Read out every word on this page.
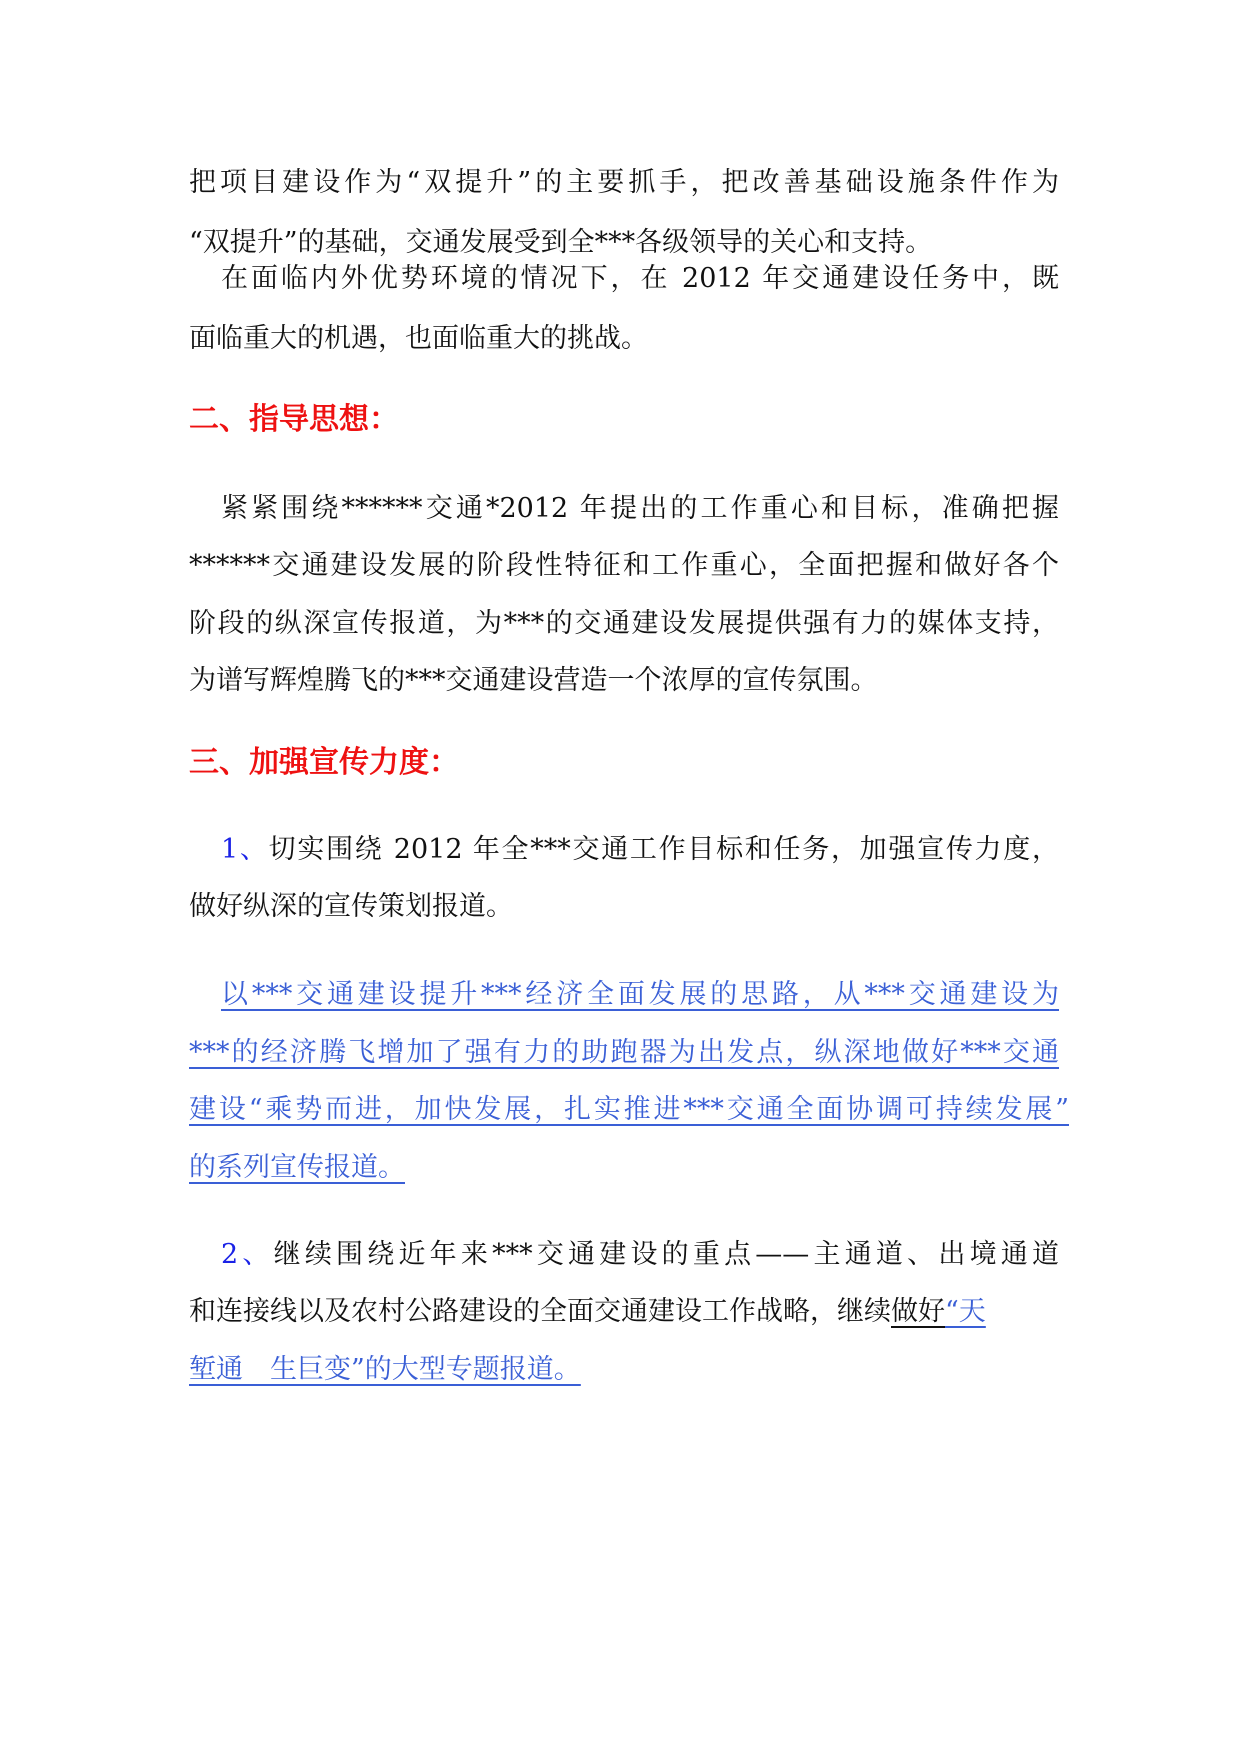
把项目建设作为“双提升”的主要抓手，把改善基础设施条件作为
“双提升”的基础，交通发展受到全***各级领导的关心和支持。
在面临内外优势环境的情况下，在 2012 年交通建设任务中，既
面临重大的机遇，也面临重大的挑战。
二、指导思想：
紧紧围绕******交通*2012 年提出的工作重心和目标，准确把握
******交通建设发展的阶段性特征和工作重心，全面把握和做好各个
阶段的纵深宣传报道，为***的交通建设发展提供强有力的媒体支持，
为谱写辉煌腾飞的***交通建设营造一个浓厚的宣传氛围。
三、加强宣传力度：
1、切实围绕 2012 年全***交通工作目标和任务，加强宣传力度，
做好纵深的宣传策划报道。
以***交通建设提升***经济全面发展的思路，从***交通建设为
***的经济腾飞增加了强有力的助跑器为出发点，纵深地做好***交通
建设“乘势而进，加快发展，扎实推进***交通全面协调可持续发展”
的系列宣传报道。
2、继续围绕近年来***交通建设的重点——主通道、出境通道
和连接线以及农村公路建设的全面交通建设工作战略，继续做好“天
堑通　生巨变”的大型专题报道。
